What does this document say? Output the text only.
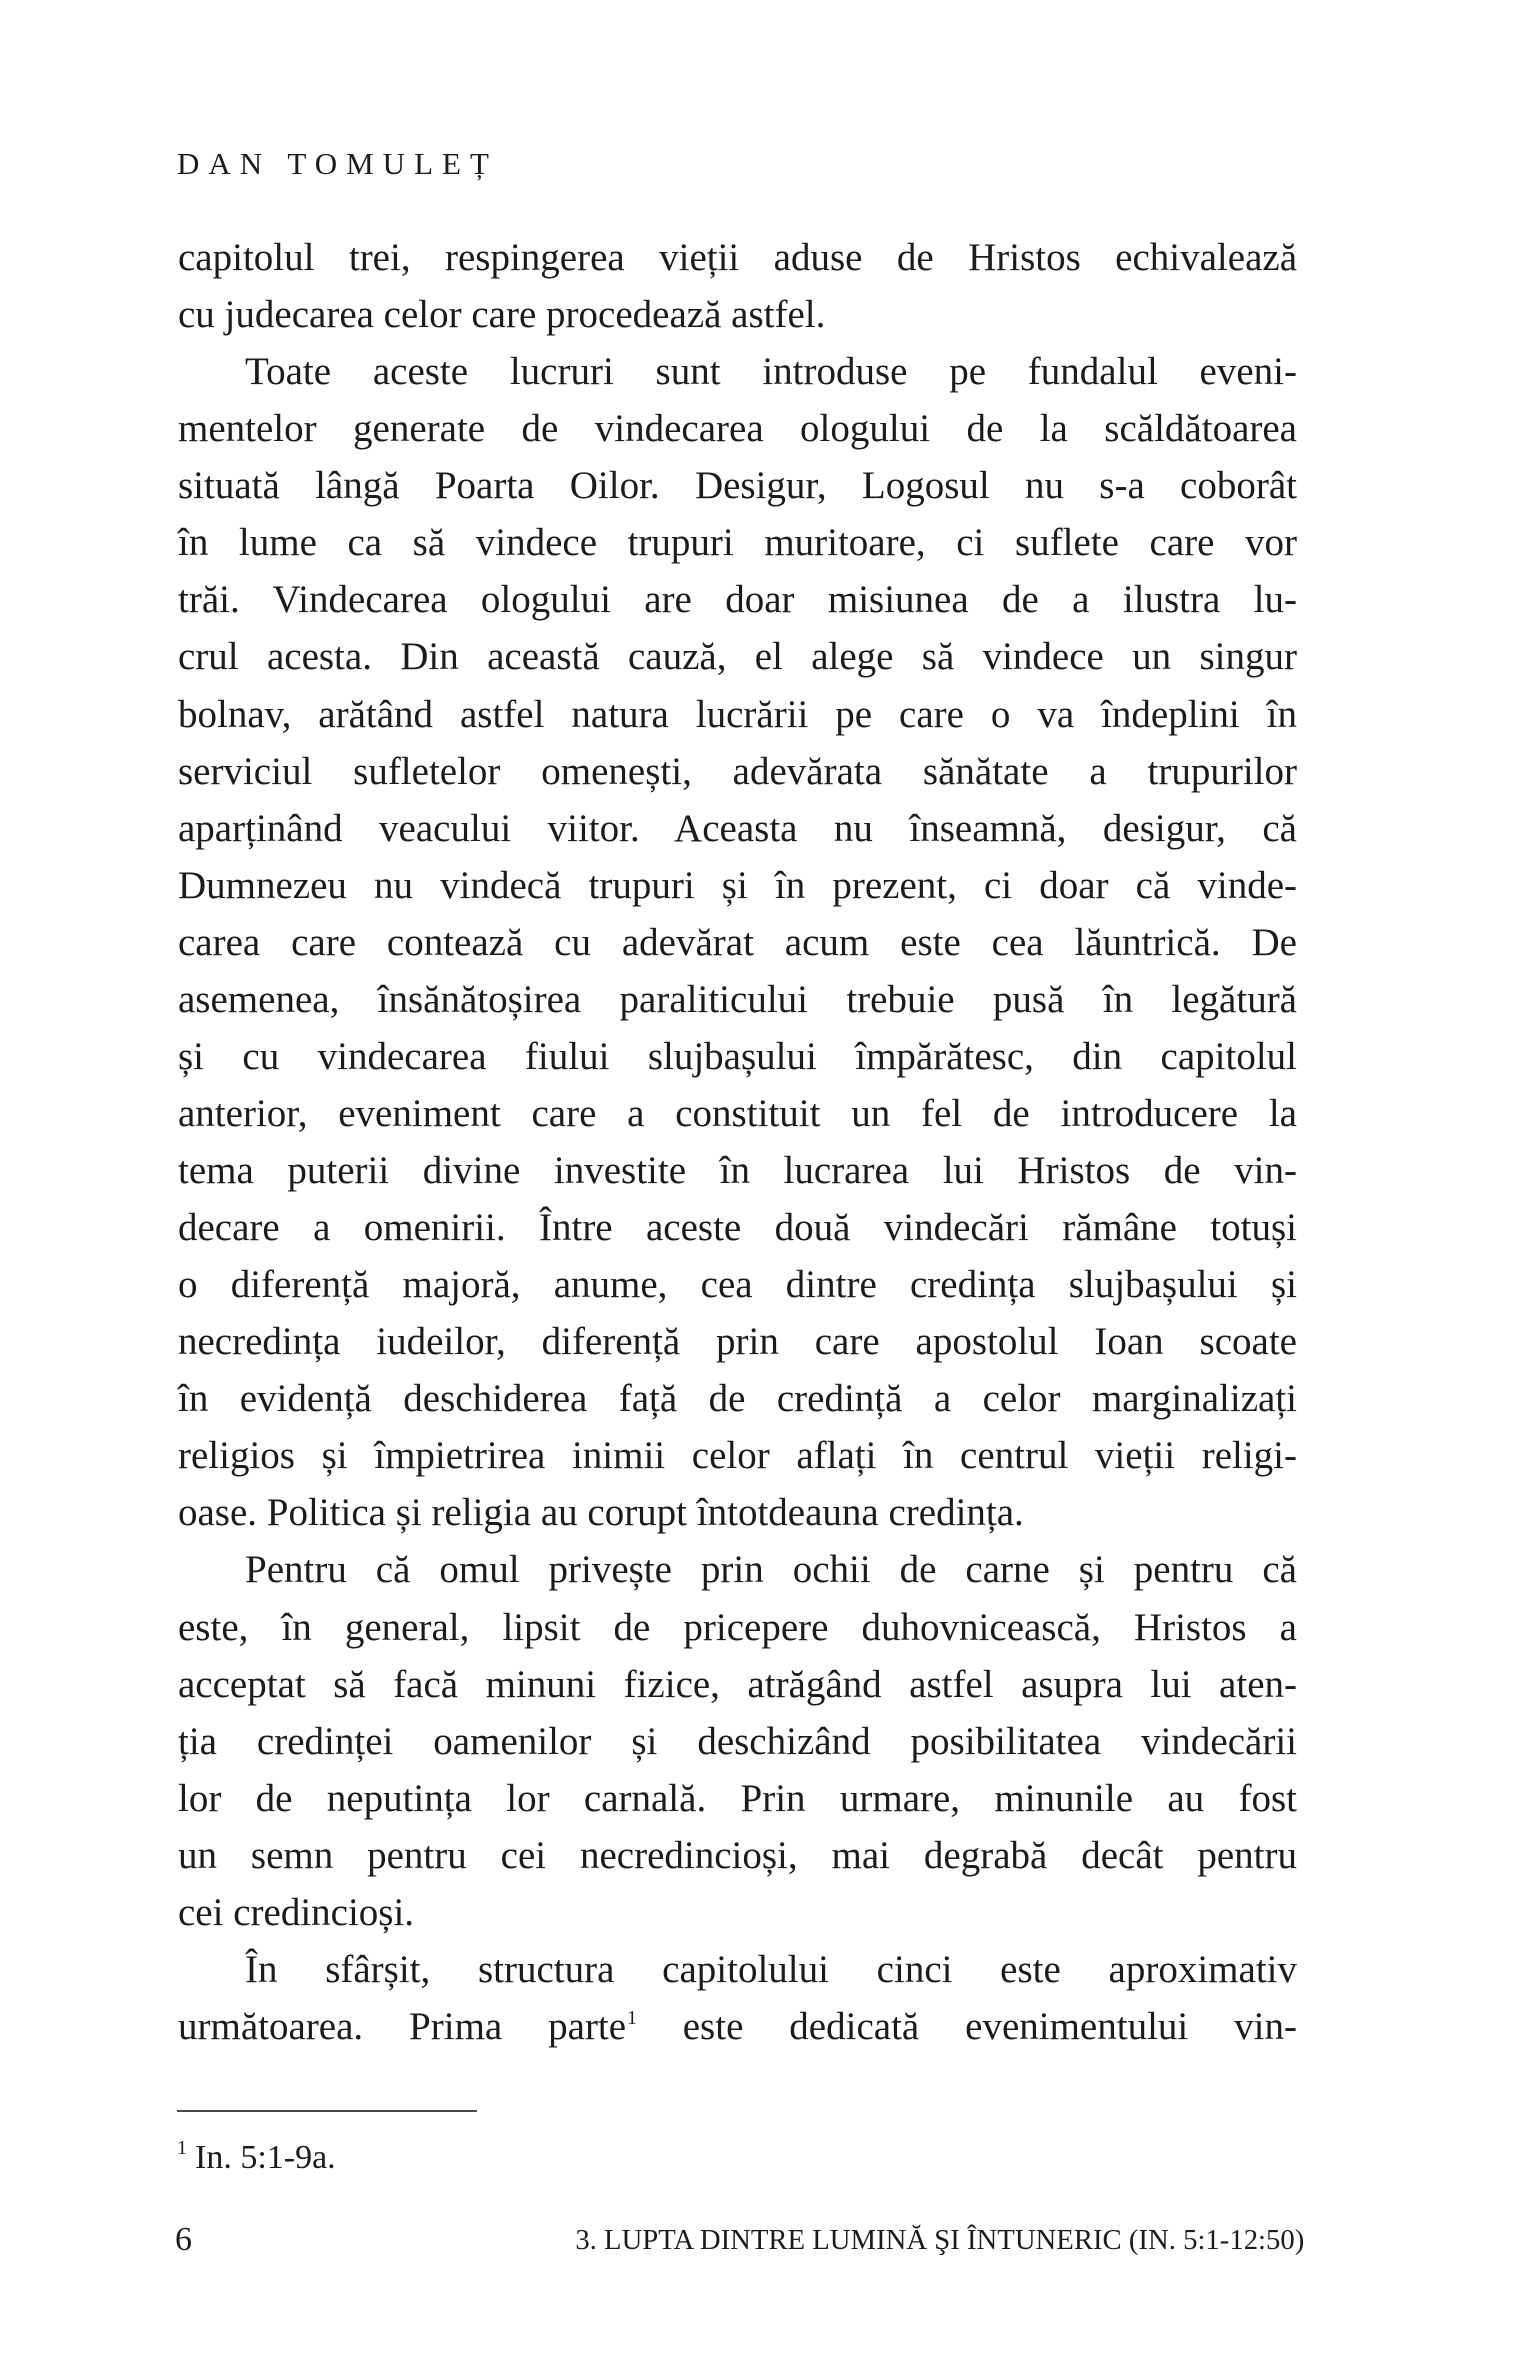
DAN TOMULEȚ
capitolul trei, respingerea vieții aduse de Hristos echivalează
cu judecarea celor care procedează astfel.
Toate aceste lucruri sunt introduse pe fundalul eveni-
mentelor generate de vindecarea ologului de la scăldătoarea
situată lângă Poarta Oilor. Desigur, Logosul nu s-a coborât
în lume ca să vindece trupuri muritoare, ci suflete care vor
trăi. Vindecarea ologului are doar misiunea de a ilustra lu-
crul acesta. Din această cauză, el alege să vindece un singur
bolnav, arătând astfel natura lucrării pe care o va îndeplini în
serviciul sufletelor omenești, adevărata sănătate a trupurilor
aparținând veacului viitor. Aceasta nu înseamnă, desigur, că
Dumnezeu nu vindecă trupuri și în prezent, ci doar că vinde-
carea care contează cu adevărat acum este cea lăuntrică. De
asemenea, însănătoșirea paraliticului trebuie pusă în legătură
și cu vindecarea fiului slujbașului împărătesc, din capitolul
anterior, eveniment care a constituit un fel de introducere la
tema puterii divine investite în lucrarea lui Hristos de vin-
decare a omenirii. Între aceste două vindecări rămâne totuși
o diferență majoră, anume, cea dintre credința slujbașului și
necredința iudeilor, diferență prin care apostolul Ioan scoate
în evidență deschiderea față de credință a celor marginalizați
religios și împietrirea inimii celor aflați în centrul vieții religi-
oase. Politica și religia au corupt întotdeauna credința.
Pentru că omul privește prin ochii de carne și pentru că
este, în general, lipsit de pricepere duhovnicească, Hristos a
acceptat să facă minuni fizice, atrăgând astfel asupra lui aten-
ția credinței oamenilor și deschizând posibilitatea vindecării
lor de neputința lor carnală. Prin urmare, minunile au fost
un semn pentru cei necredincioși, mai degrabă decât pentru
cei credincioși.
În sfârșit, structura capitolului cinci este aproximativ
următoarea. Prima parte$^1$ este dedicată evenimentului vin-
$^1$ In. 5:1-9a.
6	3. LUPTA DINTRE LUMINĂ ŞI ÎNTUNERIC (IN. 5:1-12:50)
